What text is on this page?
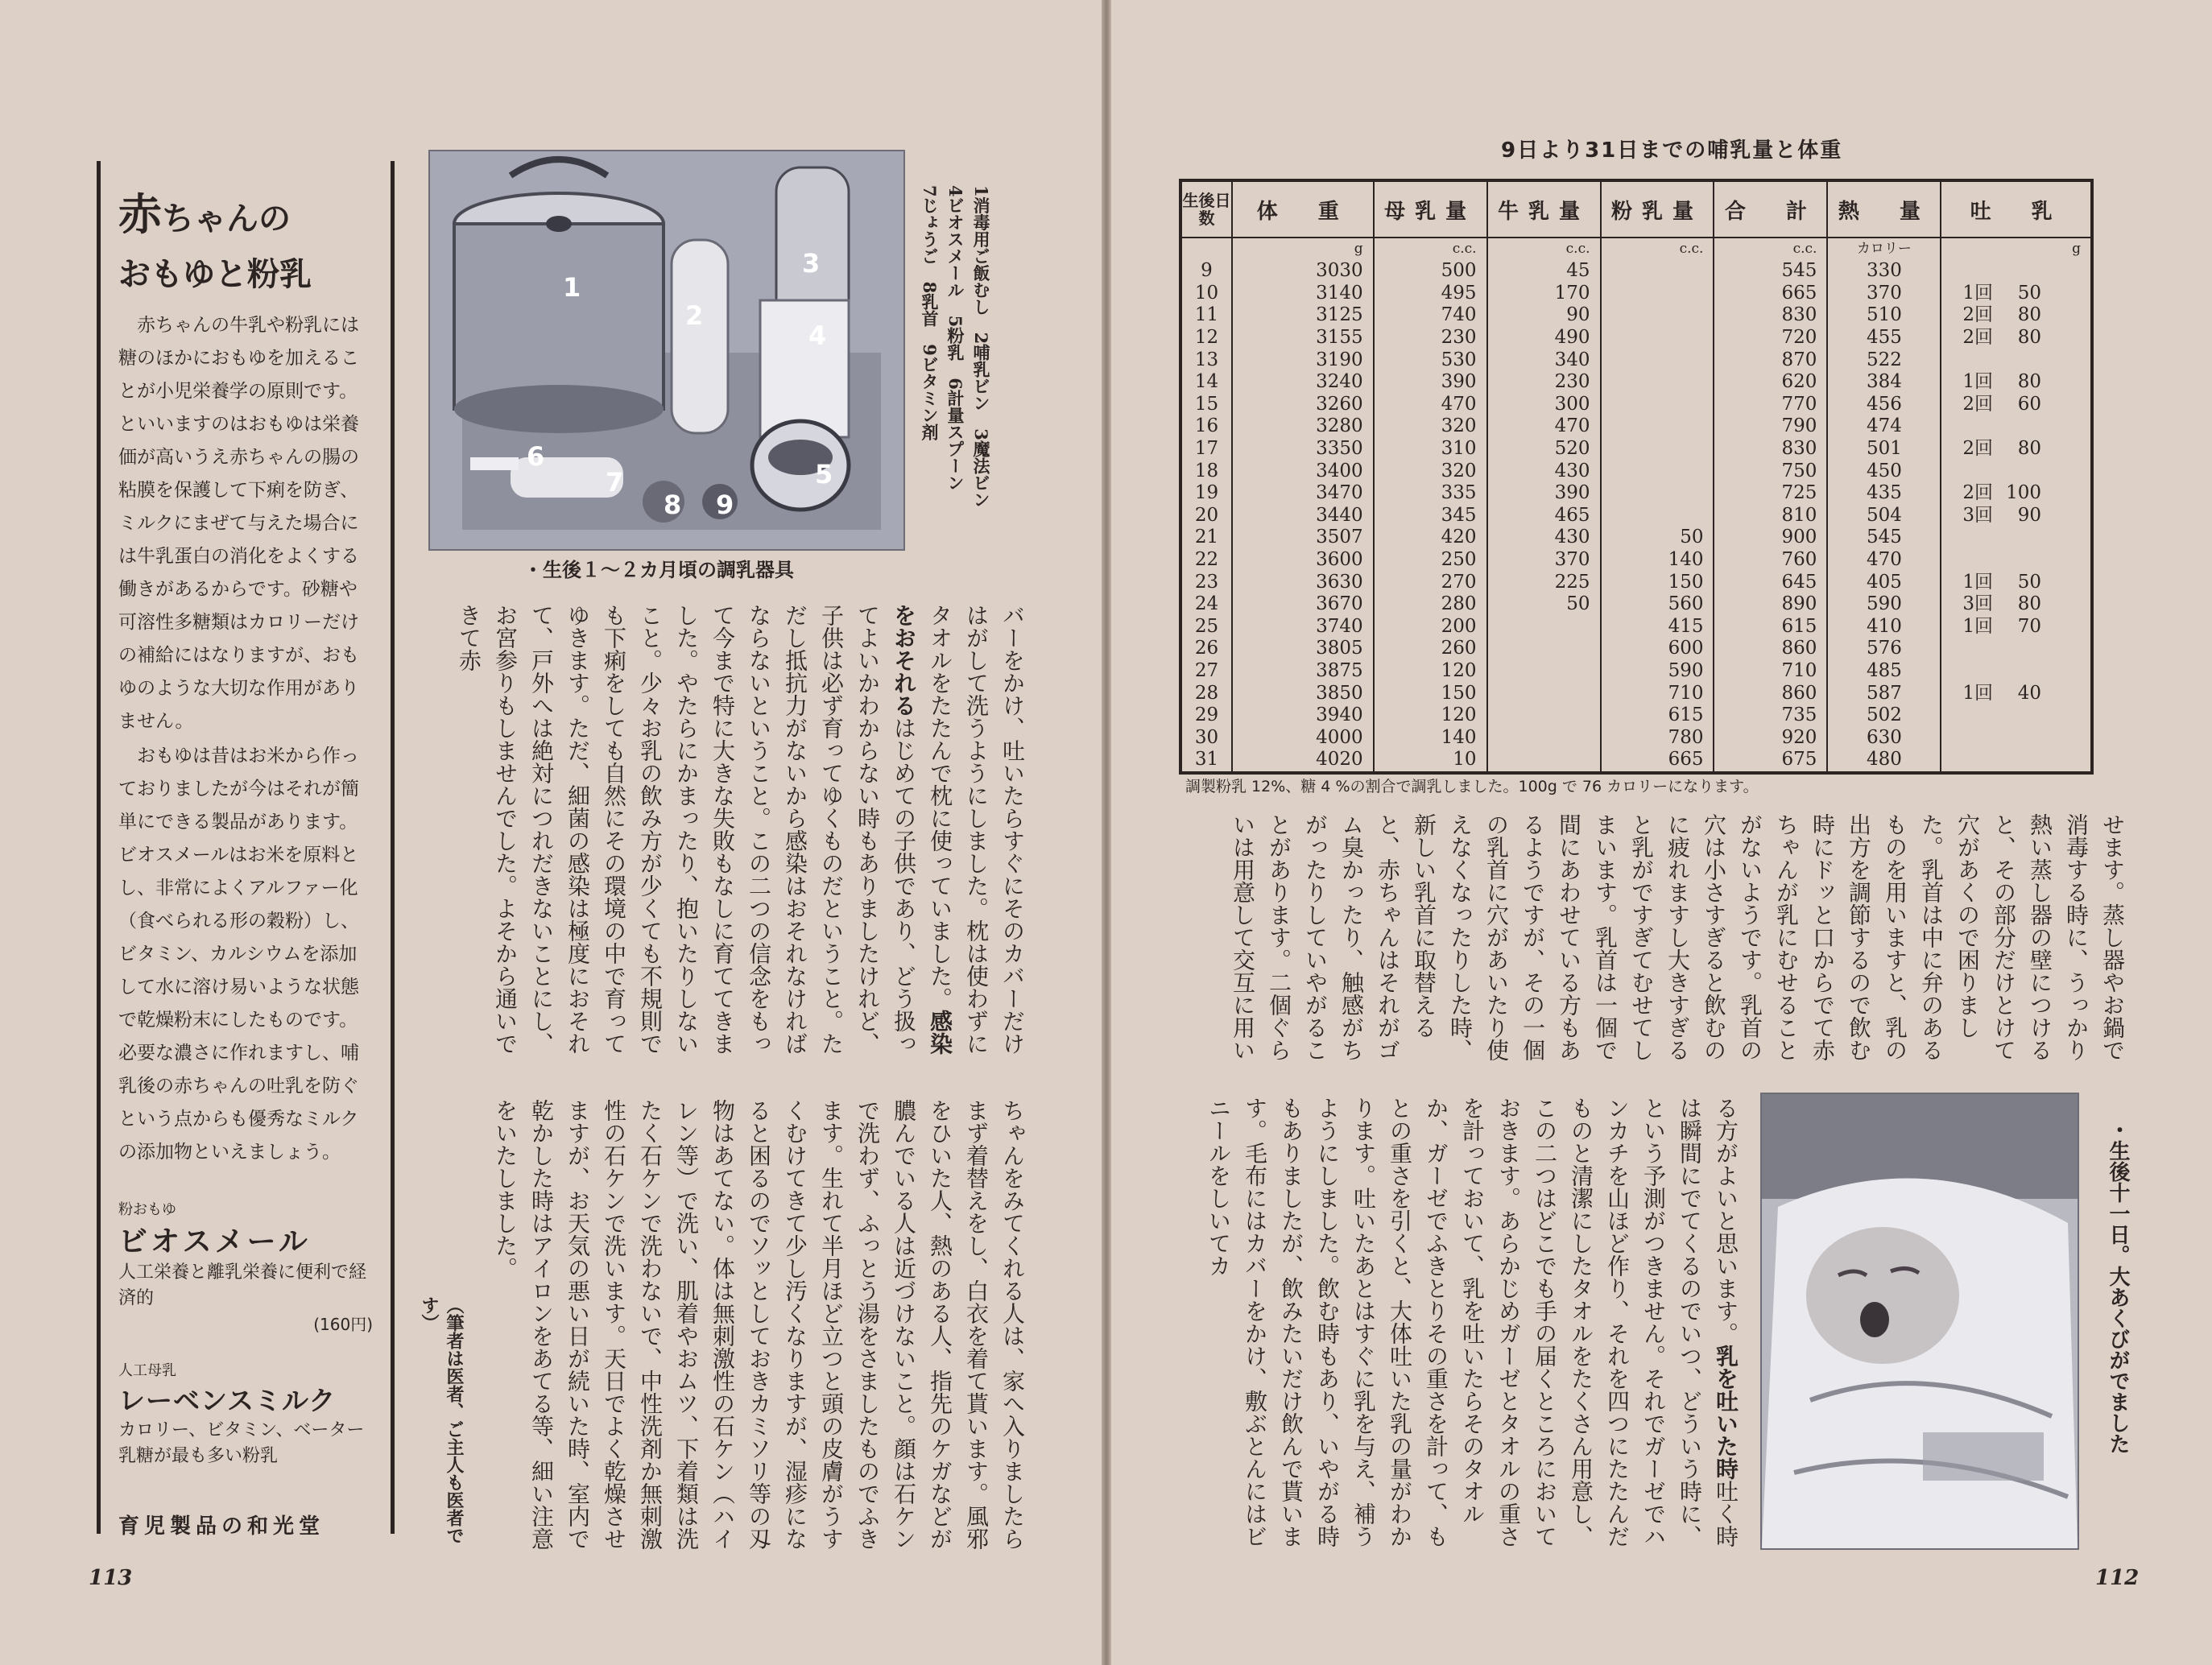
赤ちゃんの
おもゆと粉乳

赤ちゃんの牛乳や粉乳には糖のほかにおもゆを加えることが小児栄養学の原則です。といいますのはおもゆは栄養価が高いうえ赤ちゃんの腸の粘膜を保護して下痢を防ぎ、ミルクにまぜて与えた場合には牛乳蛋白の消化をよくする働きがあるからです。砂糖や可溶性多糖類はカロリーだけの補給にはなりますが、おもゆのような大切な作用がありません。

おもゆは昔はお米から作っておりましたが今はそれが簡単にできる製品があります。ビオスメールはお米を原料とし、非常によくアルファー化（食べられる形の穀粉）し、ビタミン、カルシウムを添加して水に溶け易いような状態で乾燥粉末にしたものです。必要な濃さに作れますし、哺乳後の赤ちゃんの吐乳を防ぐという点からも優秀なミルクの添加物といえましょう。

粉おもゆ
ビオスメール
人工栄養と離乳栄養に便利で経済的
(160円)
人工母乳
レーベンスミルク
カロリー、ビタミン、ベーター乳糖が最も多い粉乳
育児製品の和光堂
1
2
3
4
5
6
7
8 9
・生後１～２カ月頃の調乳器具
1消毒用ご飯むし　2哺乳ビン　3魔法ビン
4ビオスメール　5粉乳　6計量スプーン
7じょうご　8乳首　9ビタミン剤
バーをかけ、吐いたらすぐにそのカバーだけはがして洗うようにしました。枕は使わずにタオルをたたんで枕に使っていました。感染をおそれるはじめての子供であり、どう扱ってよいかわからない時もありましたけれど、子供は必ず育ってゆくものだということ。ただし抵抗力がないから感染はおそれなければならないということ。この二つの信念をもって今まで特に大きな失敗もなしに育ててきました。やたらにかまったり、抱いたりしないこと。少々お乳の飲み方が少くても不規則でも下痢をしても自然にその環境の中で育ってゆきます。ただ、細菌の感染は極度におそれて、戸外へは絶対につれだきないことにし、お宮参りもしませんでした。よそから通いできて赤
ちゃんをみてくれる人は、家へ入りましたらまず着替えをし、白衣を着て貰います。風邪をひいた人、熱のある人、指先のケガなどが膿んでいる人は近づけないこと。顔は石ケンで洗わず、ふっとう湯をさましたものでふきます。生れて半月ほど立つと頭の皮膚がうすくむけてきて少し汚くなりますが、湿疹になると困るのでソッとしておきカミソリ等の刄物はあてない。体は無刺激性の石ケン（ハイレン等）で洗い、肌着やおムツ、下着類は洗たく石ケンで洗わないで、中性洗剤か無刺激性の石ケンで洗います。天日でよく乾燥させますが、お天気の悪い日が続いた時、室内で乾かした時はアイロンをあてる等、細い注意をいたしました。
（筆者は医者、ご主人も医者です）
113
9日より31日までの哺乳量と体重
生後日数	体　重	母乳量	牛乳量	粉乳量	合　計	熱　量	吐　乳
	g	c.c.	c.c.	c.c.	c.c.	カロリー	g
9	3030	500	45		545	330	
10	3140	495	170		665	370	1回 50
11	3125	740	90		830	510	2回 80
12	3155	230	490		720	455	2回 80
13	3190	530	340		870	522	
14	3240	390	230		620	384	1回 80
15	3260	470	300		770	456	2回 60
16	3280	320	470		790	474	
17	3350	310	520		830	501	2回 80
18	3400	320	430		750	450	
19	3470	335	390		725	435	2回 100
20	3440	345	465		810	504	3回 90
21	3507	420	430	50	900	545	
22	3600	250	370	140	760	470	
23	3630	270	225	150	645	405	1回 50
24	3670	280	50	560	890	590	3回 80
25	3740	200		415	615	410	1回 70
26	3805	260		600	860	576	
27	3875	120		590	710	485	
28	3850	150		710	860	587	1回 40
29	3940	120		615	735	502	
30	4000	140		780	920	630	
31	4020	10		665	675	480	
調製粉乳 12%、糖 4 %の割合で調乳しました。100g で 76 カロリーになります。
せます。蒸し器やお鍋で消毒する時に、うっかり熱い蒸し器の壁につけると、その部分だけとけて穴があくので困りました。乳首は中に弁のあるものを用いますと、乳の出方を調節するので飲む時にドッと口からでて赤ちゃんが乳にむせることがないようです。乳首の穴は小さすぎると飲むのに疲れますし大きすぎると乳がですぎてむせてしまいます。乳首は一個で間にあわせている方もあるようですが、その一個の乳首に穴があいたり使えなくなったりした時、新しい乳首に取替えると、赤ちゃんはそれがゴム臭かったり、触感がちがったりしていやがることがあります。二個ぐらいは用意して交互に用い
る方がよいと思います。乳を吐いた時吐く時は瞬間にでてくるのでいつ、どういう時に、という予測がつきません。それでガーゼでハンカチを山ほど作り、それを四つにたたんだものと清潔にしたタオルをたくさん用意し、この二つはどこでも手の届くところにおいておきます。あらかじめガーゼとタオルの重さを計っておいて、乳を吐いたらそのタオルか、ガーゼでふきとりその重さを計って、もとの重さを引くと、大体吐いた乳の量がわかります。吐いたあとはすぐに乳を与え、補うようにしました。飲む時もあり、いやがる時もありましたが、飲みたいだけ飲んで貰います。毛布にはカバーをかけ、敷ぶとんにはビニールをしいてカ	・生後十一日。大あくびがでました
112
